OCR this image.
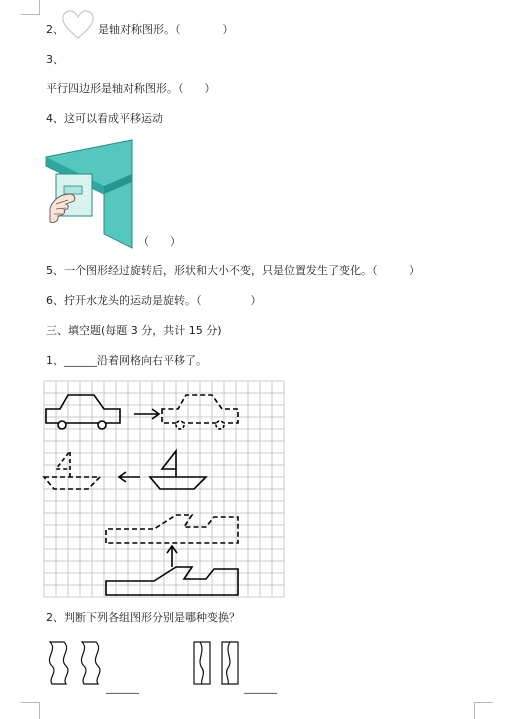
2、	是轴对称图形。（            ）
3、
平行四边形是轴对称图形。（      ）
4、这可以看成平移运动
（      ）
5、一个图形经过旋转后，形状和大小不变，只是位置发生了变化。（         ）
6、拧开水龙头的运动是旋转。（              ）
三、填空题(每题 3 分，共计 15 分)
1、______沿着网格向右平移了。
2、判断下列各组图形分别是哪种变换？
______	______
